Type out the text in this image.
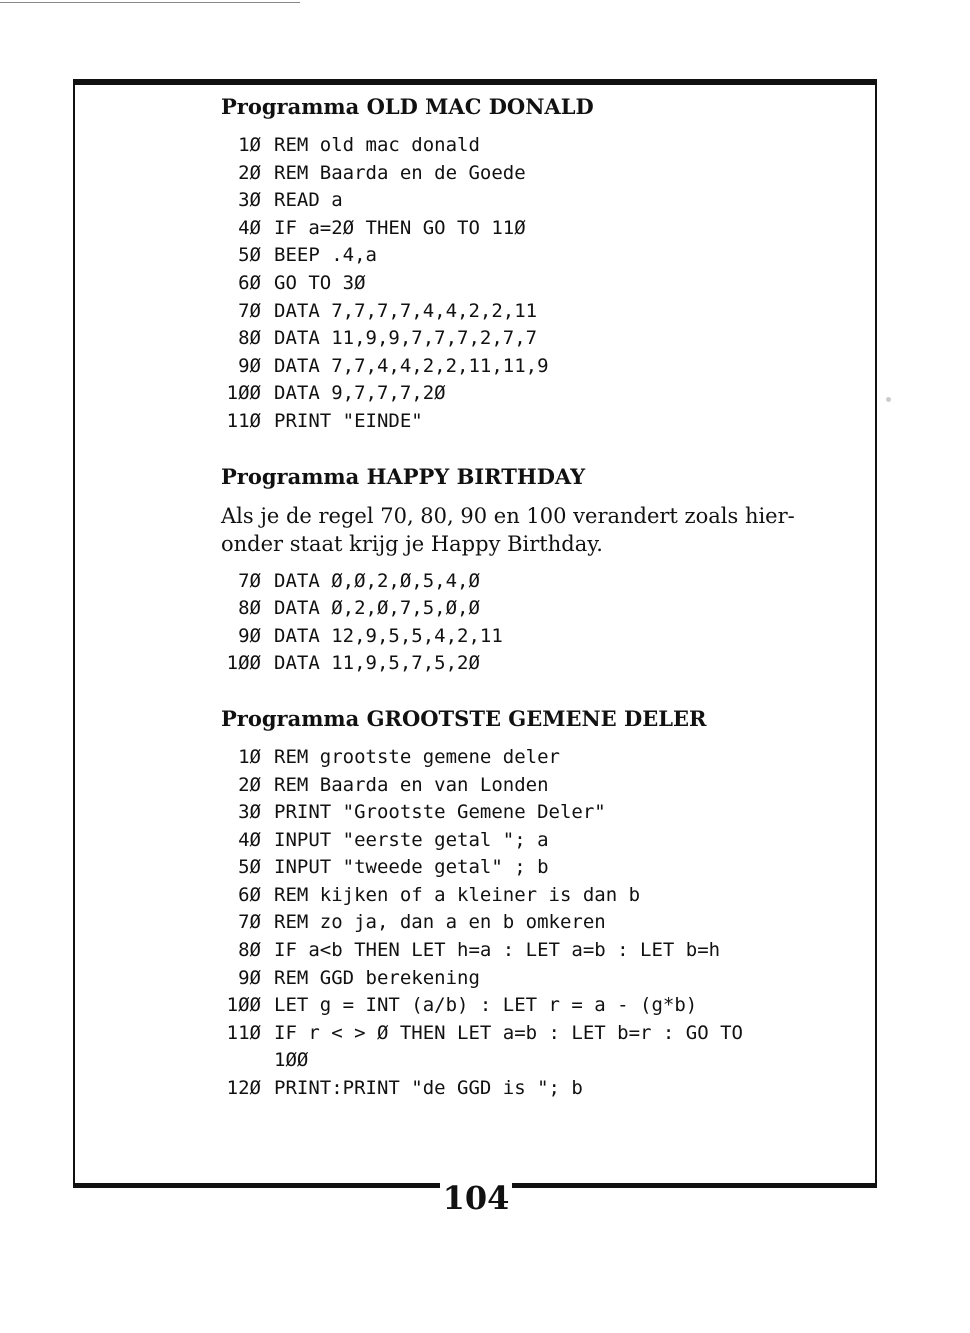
Programma OLD MAC DONALD
1Ø REM old mac donald
2Ø REM Baarda en de Goede
3Ø READ a
4Ø IF a=2Ø THEN GO TO 11Ø
5Ø BEEP .4,a
6Ø GO TO 3Ø
7Ø DATA 7,7,7,7,4,4,2,2,11
8Ø DATA 11,9,9,7,7,7,2,7,7
9Ø DATA 7,7,4,4,2,2,11,11,9
1ØØ DATA 9,7,7,7,2Ø
11Ø PRINT "EINDE"
Programma HAPPY BIRTHDAY
Als je de regel 70, 80, 90 en 100 verandert zoals hier-
onder staat krijg je Happy Birthday.
7Ø DATA Ø,Ø,2,Ø,5,4,Ø
8Ø DATA Ø,2,Ø,7,5,Ø,Ø
9Ø DATA 12,9,5,5,4,2,11
1ØØ DATA 11,9,5,7,5,2Ø
Programma GROOTSTE GEMENE DELER
1Ø REM grootste gemene deler
2Ø REM Baarda en van Londen
3Ø PRINT "Grootste Gemene Deler"
4Ø INPUT "eerste getal "; a
5Ø INPUT "tweede getal" ; b
6Ø REM kijken of a kleiner is dan b
7Ø REM zo ja, dan a en b omkeren
8Ø IF a<b THEN LET h=a : LET a=b : LET b=h
9Ø REM GGD berekening
1ØØ LET g = INT (a/b) : LET r = a - (g*b)
11Ø IF r < > Ø THEN LET a=b : LET b=r : GO TO
1ØØ
12Ø PRINT:PRINT "de GGD is "; b
104
